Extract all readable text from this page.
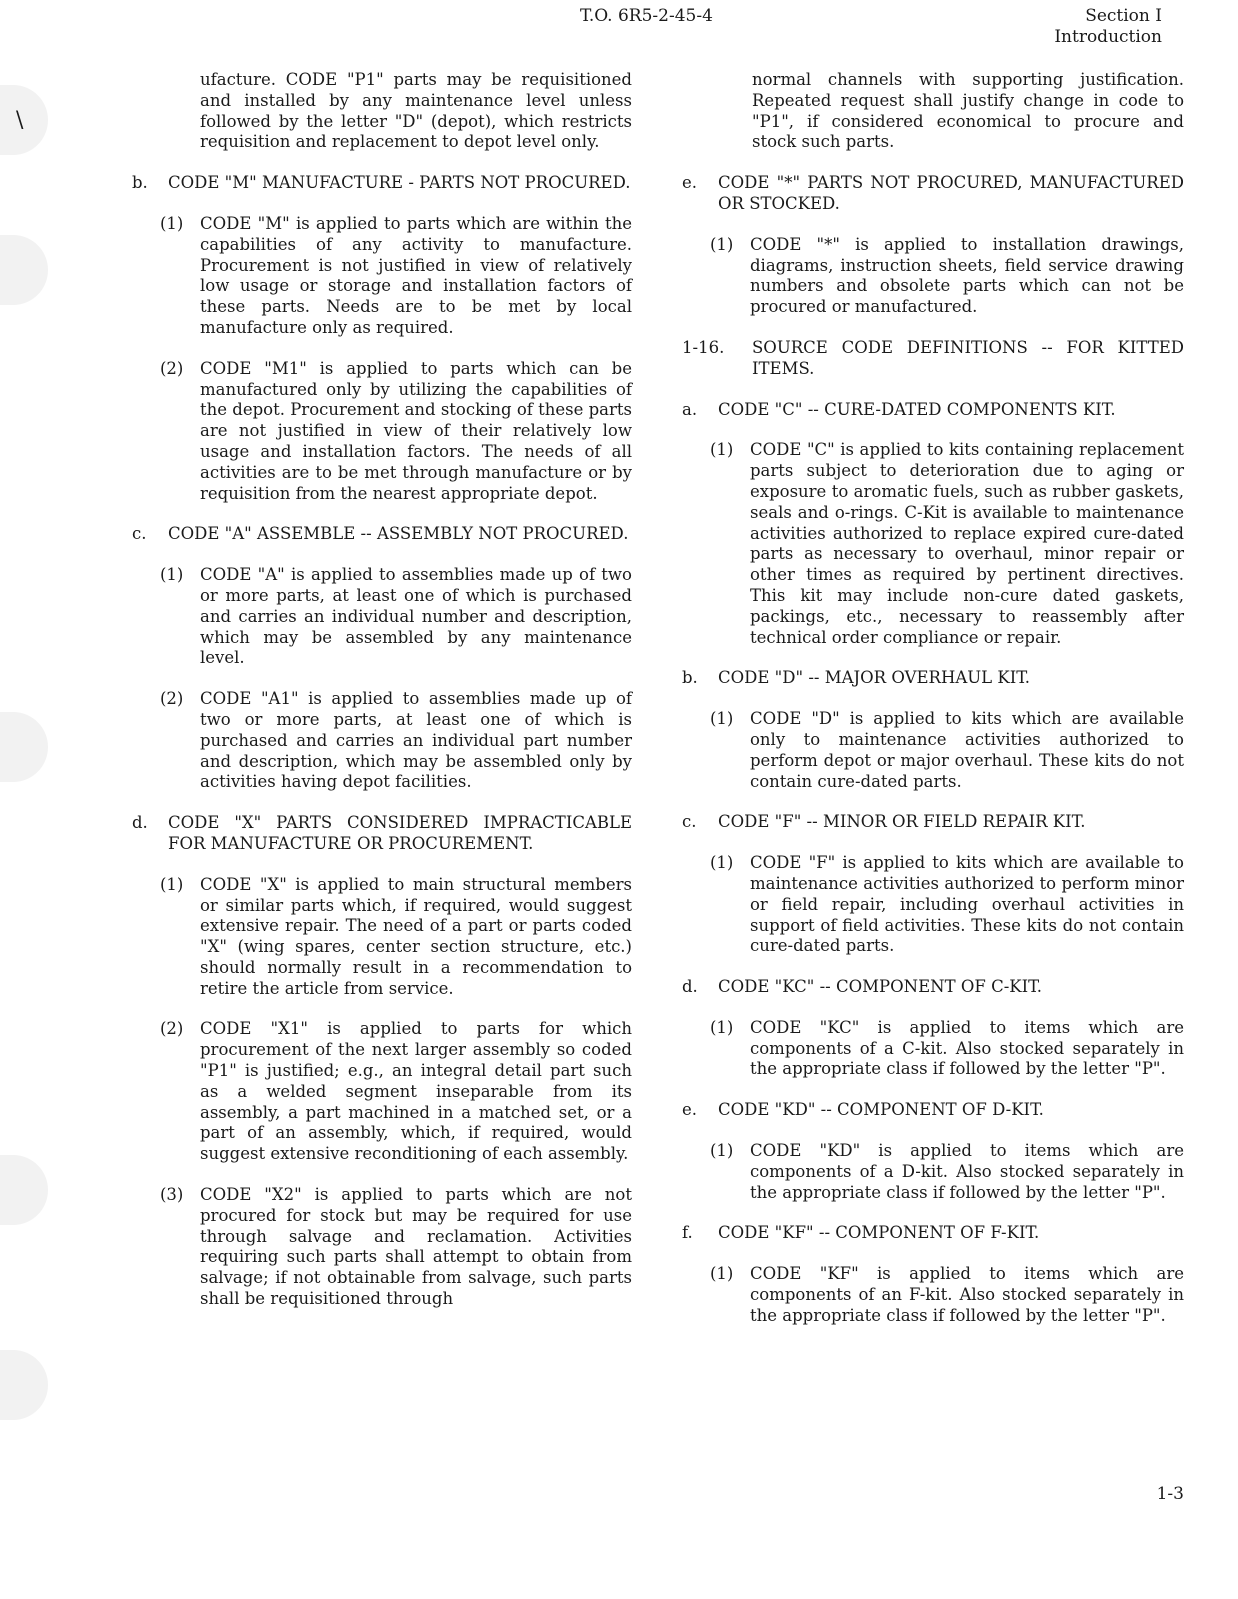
\
T.O. 6R5-2-45-4	Section I
Introduction
ufacture. CODE "P1" parts may be requisitioned and installed by any maintenance level unless followed by the letter "D" (depot), which restricts requisition and replacement to depot level only.
b.	CODE "M" MANUFACTURE - PARTS NOT PROCURED.
(1)	CODE "M" is applied to parts which are within the capabilities of any activity to manufacture. Procurement is not justified in view of relatively low usage or storage and installation factors of these parts. Needs are to be met by local manufacture only as required.
(2)	CODE "M1" is applied to parts which can be manufactured only by utilizing the capabilities of the depot. Procurement and stocking of these parts are not justified in view of their relatively low usage and installation factors. The needs of all activities are to be met through manufacture or by requisition from the nearest appropriate depot.
c.	CODE "A" ASSEMBLE -- ASSEMBLY NOT PROCURED.
(1)	CODE "A" is applied to assemblies made up of two or more parts, at least one of which is purchased and carries an individual number and description, which may be assembled by any maintenance level.
(2)	CODE "A1" is applied to assemblies made up of two or more parts, at least one of which is purchased and carries an individual part number and description, which may be assembled only by activities having depot facilities.
d.	CODE "X" PARTS CONSIDERED IMPRACTICABLE FOR MANUFACTURE OR PROCUREMENT.
(1)	CODE "X" is applied to main structural members or similar parts which, if required, would suggest extensive repair. The need of a part or parts coded "X" (wing spares, center section structure, etc.) should normally result in a recommendation to retire the article from service.
(2)	CODE "X1" is applied to parts for which procurement of the next larger assembly so coded "P1" is justified; e.g., an integral detail part such as a welded segment inseparable from its assembly, a part machined in a matched set, or a part of an assembly, which, if required, would suggest extensive reconditioning of each assembly.
(3)	CODE "X2" is applied to parts which are not procured for stock but may be required for use through salvage and reclamation. Activities requiring such parts shall attempt to obtain from salvage; if not obtainable from salvage, such parts shall be requisitioned through
normal channels with supporting justification. Repeated request shall justify change in code to "P1", if considered economical to procure and stock such parts.
e.	CODE "*" PARTS NOT PROCURED, MANUFACTURED OR STOCKED.
(1)	CODE "*" is applied to installation drawings, diagrams, instruction sheets, field service drawing numbers and obsolete parts which can not be procured or manufactured.
1-16.	SOURCE CODE DEFINITIONS -- FOR KITTED ITEMS.
a.	CODE "C" -- CURE-DATED COMPONENTS KIT.
(1)	CODE "C" is applied to kits containing replacement parts subject to deterioration due to aging or exposure to aromatic fuels, such as rubber gaskets, seals and o-rings. C-Kit is available to maintenance activities authorized to replace expired cure-dated parts as necessary to overhaul, minor repair or other times as required by pertinent directives. This kit may include non-cure dated gaskets, packings, etc., necessary to reassembly after technical order compliance or repair.
b.	CODE "D" -- MAJOR OVERHAUL KIT.
(1)	CODE "D" is applied to kits which are available only to maintenance activities authorized to perform depot or major overhaul. These kits do not contain cure-dated parts.
c.	CODE "F" -- MINOR OR FIELD REPAIR KIT.
(1)	CODE "F" is applied to kits which are available to maintenance activities authorized to perform minor or field repair, including overhaul activities in support of field activities. These kits do not contain cure-dated parts.
d.	CODE "KC" -- COMPONENT OF C-KIT.
(1)	CODE "KC" is applied to items which are components of a C-kit. Also stocked separately in the appropriate class if followed by the letter "P".
e.	CODE "KD" -- COMPONENT OF D-KIT.
(1)	CODE "KD" is applied to items which are components of a D-kit. Also stocked separately in the appropriate class if followed by the letter "P".
f.	CODE "KF" -- COMPONENT OF F-KIT.
(1)	CODE "KF" is applied to items which are components of an F-kit. Also stocked separately in the appropriate class if followed by the letter "P".
1-3
